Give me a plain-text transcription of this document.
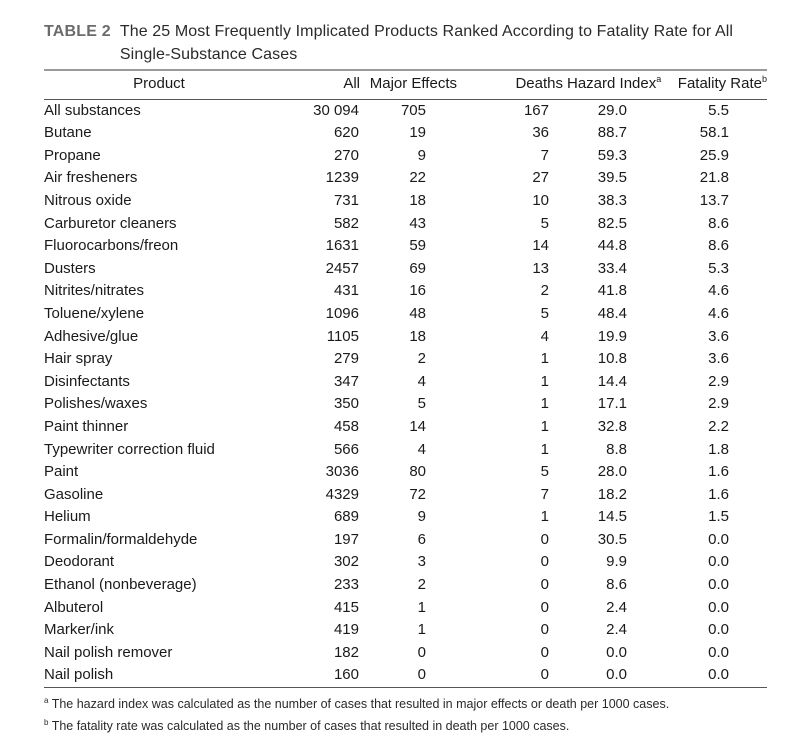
TABLE 2 The 25 Most Frequently Implicated Products Ranked According to Fatality Rate for All
Single-Substance Cases
Product	All	Major Effects	Deaths	Hazard Index$^a$	Fatality Rate$^b$
All substances	30 094	705	167	29.0	5.5
Butane	620	19	36	88.7	58.1
Propane	270	9	7	59.3	25.9
Air fresheners	1239	22	27	39.5	21.8
Nitrous oxide	731	18	10	38.3	13.7
Carburetor cleaners	582	43	5	82.5	8.6
Fluorocarbons/freon	1631	59	14	44.8	8.6
Dusters	2457	69	13	33.4	5.3
Nitrites/nitrates	431	16	2	41.8	4.6
Toluene/xylene	1096	48	5	48.4	4.6
Adhesive/glue	1105	18	4	19.9	3.6
Hair spray	279	2	1	10.8	3.6
Disinfectants	347	4	1	14.4	2.9
Polishes/waxes	350	5	1	17.1	2.9
Paint thinner	458	14	1	32.8	2.2
Typewriter correction fluid	566	4	1	8.8	1.8
Paint	3036	80	5	28.0	1.6
Gasoline	4329	72	7	18.2	1.6
Helium	689	9	1	14.5	1.5
Formalin/formaldehyde	197	6	0	30.5	0.0
Deodorant	302	3	0	9.9	0.0
Ethanol (nonbeverage)	233	2	0	8.6	0.0
Albuterol	415	1	0	2.4	0.0
Marker/ink	419	1	0	2.4	0.0
Nail polish remover	182	0	0	0.0	0.0
Nail polish	160	0	0	0.0	0.0
$^a$ The hazard index was calculated as the number of cases that resulted in major effects or death per 1000 cases.
$^b$ The fatality rate was calculated as the number of cases that resulted in death per 1000 cases.
